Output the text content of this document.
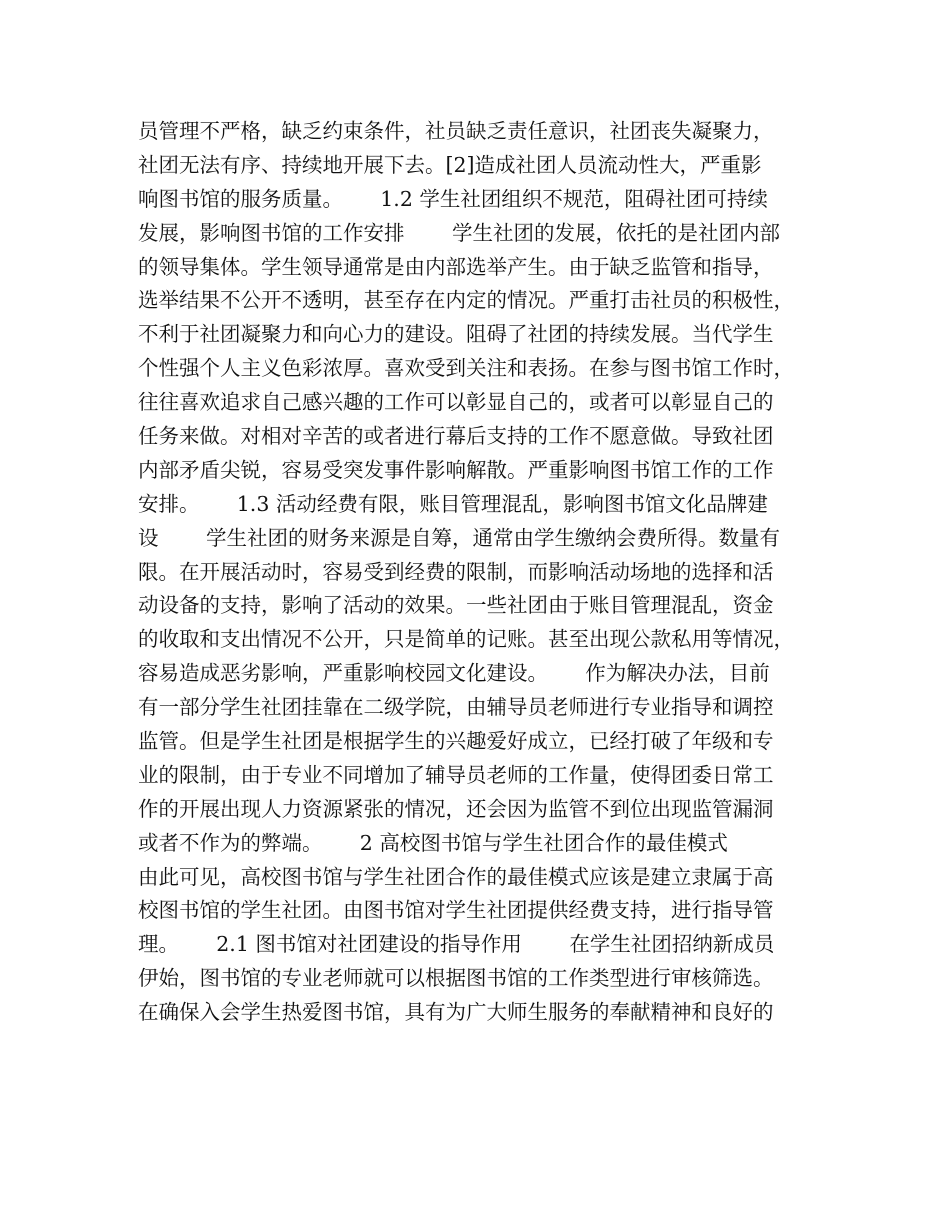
员管理不严格，缺乏约束条件，社员缺乏责任意识，社团丧失凝聚力，
社团无法有序、持续地开展下去。[2]造成社团人员流动性大，严重影
响图书馆的服务质量。　　 1.2 学生社团组织不规范，阻碍社团可持续
发展，影响图书馆的工作安排　　 学生社团的发展，依托的是社团内部
的领导集体。学生领导通常是由内部选举产生。由于缺乏监管和指导，
选举结果不公开不透明，甚至存在内定的情况。严重打击社员的积极性，
不利于社团凝聚力和向心力的建设。阻碍了社团的持续发展。当代学生
个性强个人主义色彩浓厚。喜欢受到关注和表扬。在参与图书馆工作时，
往往喜欢追求自己感兴趣的工作可以彰显自己的，或者可以彰显自己的
任务来做。对相对辛苦的或者进行幕后支持的工作不愿意做。导致社团
内部矛盾尖锐，容易受突发事件影响解散。严重影响图书馆工作的工作
安排。　　 1.3 活动经费有限，账目管理混乱，影响图书馆文化品牌建
设　　 学生社团的财务来源是自筹，通常由学生缴纳会费所得。数量有
限。在开展活动时，容易受到经费的限制，而影响活动场地的选择和活
动设备的支持，影响了活动的效果。一些社团由于账目管理混乱，资金
的收取和支出情况不公开，只是简单的记账。甚至出现公款私用等情况，
容易造成恶劣影响，严重影响校园文化建设。　　 作为解决办法，目前
有一部分学生社团挂靠在二级学院，由辅导员老师进行专业指导和调控
监管。但是学生社团是根据学生的兴趣爱好成立，已经打破了年级和专
业的限制，由于专业不同增加了辅导员老师的工作量，使得团委日常工
作的开展出现人力资源紧张的情况，还会因为监管不到位出现监管漏洞
或者不作为的弊端。　　 2 高校图书馆与学生社团合作的最佳模式
由此可见，高校图书馆与学生社团合作的最佳模式应该是建立隶属于高
校图书馆的学生社团。由图书馆对学生社团提供经费支持，进行指导管
理。　　 2.1 图书馆对社团建设的指导作用　　 在学生社团招纳新成员
伊始，图书馆的专业老师就可以根据图书馆的工作类型进行审核筛选。
在确保入会学生热爱图书馆，具有为广大师生服务的奉献精神和良好的
